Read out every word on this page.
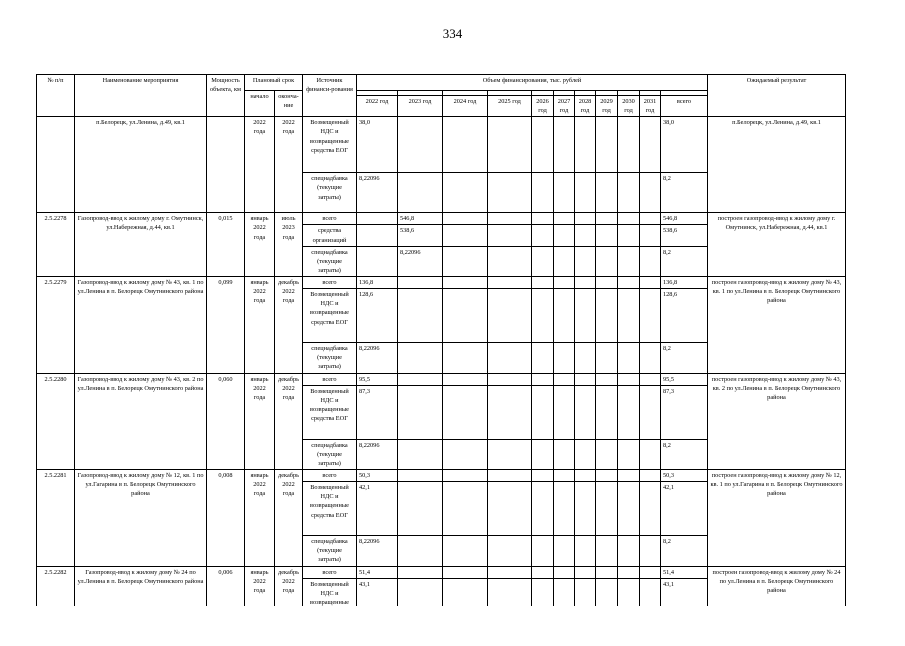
334
№ п/п	Наименование мероприятия	Мощность объекта, км	Плановый срок		Источник финанси-рования	Объем финансирования, тыс. рублей											Ожидаемый результат
			начало	оконча-ние													
						2022 год	2023 год	2024 год	2025 год	2026 год	2027 год	2028 год	2029 год	2030 год	2031 год	всего	
	п.Белорецк, ул.Ленина, д.49, кв.1		2022 года	2022 года	Возмещенный НДС и возвращенные средства ЕОГ	38,0										38,0	п.Белорецк, ул.Ленина, д.49, кв.1
					спецнадбавка (текущие затраты)	8,22096										8,2	
2.5.2278	Газопровод-ввод к жилому дому г. Омутнинск, ул.Набережная, д.44, кв.1	0,015	январь 2022 года	июль 2023 года	всего		546,8									546,8	построен газопровод-ввод к жилому дому г. Омутнинск, ул.Набережная, д.44, кв.1
					средства организаций		538,6									538,6	
					спецнадбавка (текущие затраты)		8,22096									8,2	
2.5.2279	Газопровод-ввод к жилому дому № 43, кв. 1 по ул.Ленина в п. Белорецк Омутнинского района	0,099	январь 2022 года	декабрь 2022 года	всего	136,8										136,8	построен газопровод-ввод к жилому дому № 43, кв. 1 по ул.Ленина в п. Белорецк Омутнинского района
					Возмещенный НДС и возвращенные средства ЕОГ	128,6										128,6	
					спецнадбавка (текущие затраты)	8,22096										8,2	
2.5.2280	Газопровод-ввод к жилому дому № 43, кв. 2 по ул.Ленина в п. Белорецк Омутнинского района	0,060	январь 2022 года	декабрь 2022 года	всего	95,5										95,5	построен газопровод-ввод к жилому дому № 43, кв. 2 по ул.Ленина в п. Белорецк Омутнинского района
					Возмещенный НДС и возвращенные средства ЕОГ	87,3										87,3	
					спецнадбавка (текущие затраты)	8,22096										8,2	
2.5.2281	Газопровод-ввод к жилому дому № 12, кв. 1 по ул.Гагарина в п. Белорецк Омутнинского района	0,008	январь 2022 года	декабрь 2022 года	всего	50,3										50,3	построен газопровод-ввод к жилому дому № 12, кв. 1 по ул.Гагарина в п. Белорецк Омутнинского района
					Возмещенный НДС и возвращенные средства ЕОГ	42,1										42,1	
					спецнадбавка (текущие затраты)	8,22096										8,2	
2.5.2282	Газопровод-ввод к жилому дому № 24 по ул.Ленина в п. Белорецк Омутнинского района	0,006	январь 2022 года	декабрь 2022 года	всего	51,4										51,4	построен газопровод-ввод к жилому дому № 24 по ул.Ленина в п. Белорецк Омутнинского района
					Возмещенный НДС и возвращенные	43,1										43,1	
